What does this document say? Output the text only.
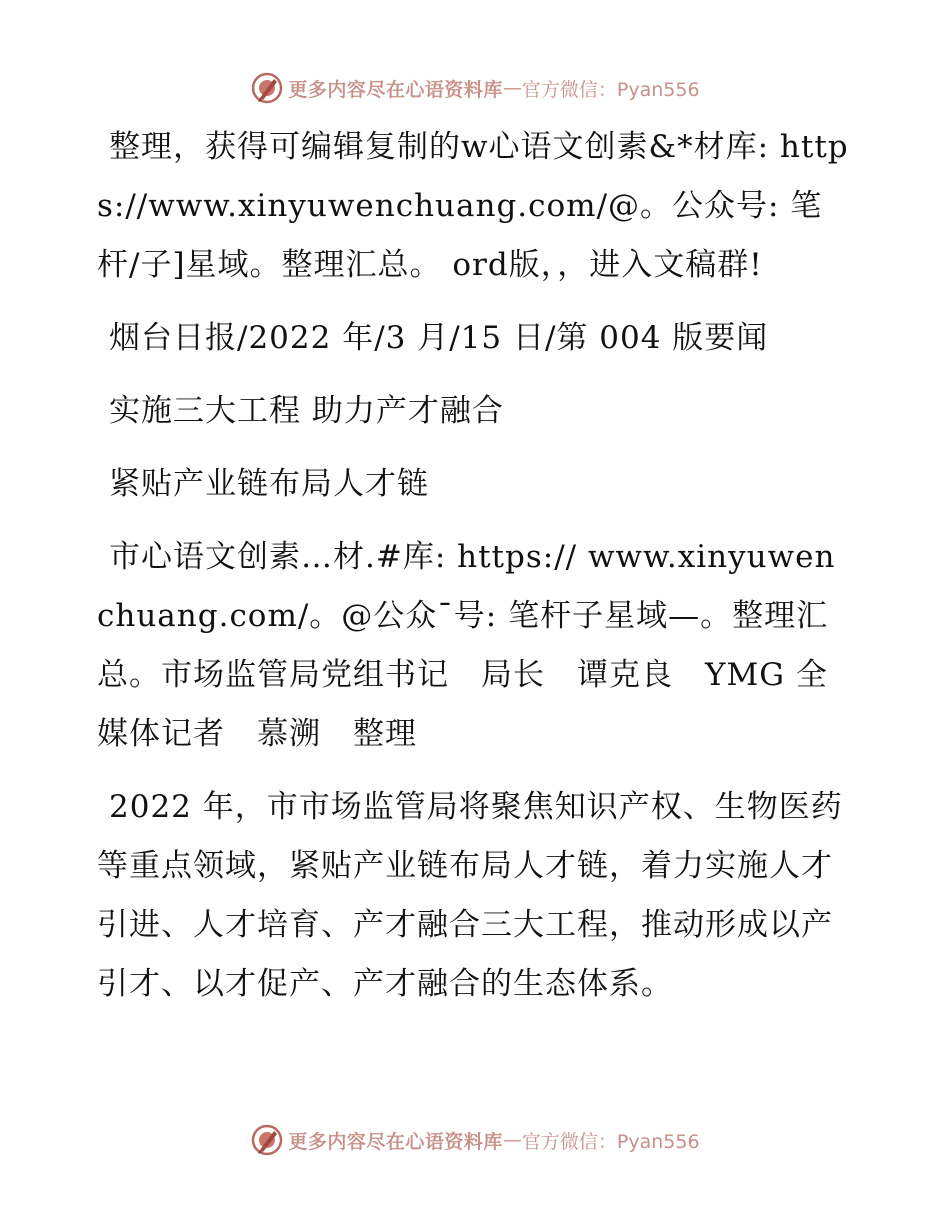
更多内容尽在心语资料库 — 官方微信：Pyan556

整理，获得可编辑复制的w心语文创素&*材库: https://www.xinyuwenchuang.com/@。公众号: 笔杆/子]星域。整理汇总。 ord版，，进入文稿群!

烟台日报/2022 年/3 月/15 日/第 004 版要闻

实施三大工程 助力产才融合

紧贴产业链布局人才链

市心语文创素…材.#库: https:// www.xinyuwenchuang.com/。@公众¯号: 笔杆子星域—。整理汇总。市场监管局党组书记　局长　谭克良　YMG 全媒体记者　慕溯　整理

2022 年，市市场监管局将聚焦知识产权、生物医药等重点领域，紧贴产业链布局人才链，着力实施人才引进、人才培育、产才融合三大工程，推动形成以产引才、以才促产、产才融合的生态体系。

更多内容尽在心语资料库 — 官方微信：Pyan556
